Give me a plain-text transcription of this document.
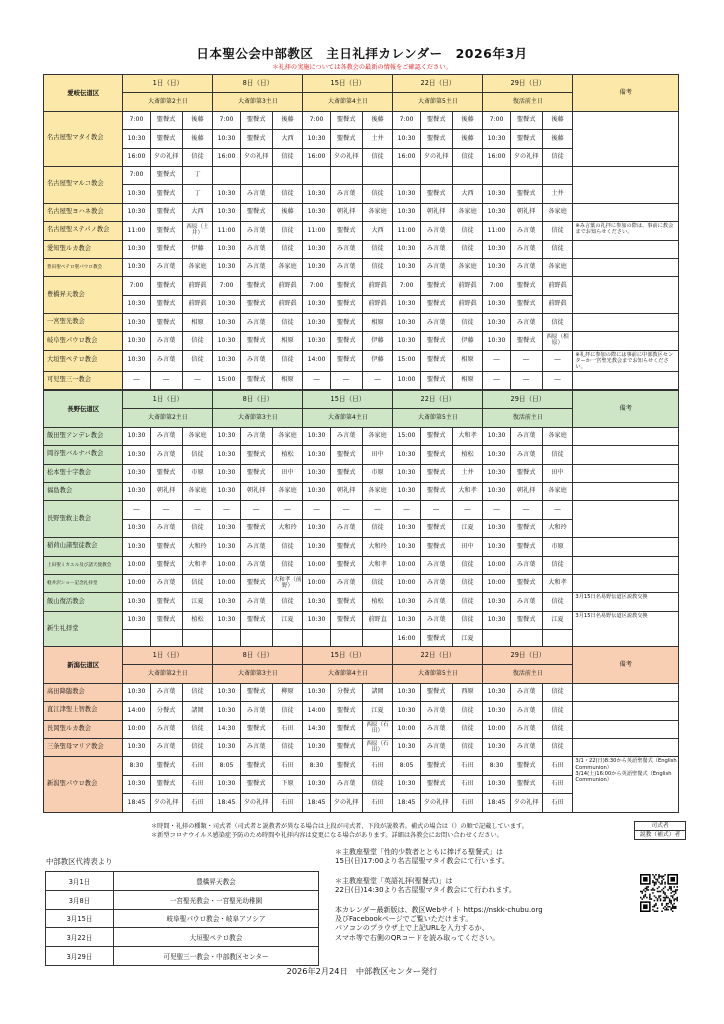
日本聖公会中部教区　主日礼拝カレンダー　2026年3月
＊礼拝の実施については各教会の最新の情報をご確認ください。
愛岐伝道区	1日（日）			8日（日）			15日（日）			22日（日）			29日（日）			備考
	大斎節第2主日			大斎節第3主日			大斎節第4主日			大斎節第5主日			復活前主日			
名古屋聖マタイ教会	7:00	聖餐式	後藤	7:00	聖餐式	後藤	7:00	聖餐式	後藤	7:00	聖餐式	後藤	7:00	聖餐式	後藤	
	10:30	聖餐式	後藤	10:30	聖餐式	大西	10:30	聖餐式	土井	10:30	聖餐式	後藤	10:30	聖餐式	後藤	
	16:00	夕の礼拝	信徒	16:00	夕の礼拝	信徒	16:00	夕の礼拝	信徒	16:00	夕の礼拝	信徒	16:00	夕の礼拝	信徒	
名古屋聖マルコ教会	7:00	聖餐式	丁													
	10:30	聖餐式	丁	10:30	み言葉	信徒	10:30	み言葉	信徒	10:30	聖餐式	大西	10:30	聖餐式	土井	
名古屋聖ヨハネ教会	10:30	聖餐式	大西	10:30	聖餐式	後藤	10:30	朝礼拝	各家庭	10:30	朝礼拝	各家庭	10:30	朝礼拝	各家庭	
名古屋聖ステパノ教会	11:00	聖餐式	西原（土井）	11:00	み言葉	信徒	11:00	聖餐式	大西	11:00	み言葉	信徒	11:00	み言葉	信徒	※み言葉の礼拝に参加の際は、事前に教会までお知らせください。
愛知聖ルカ教会	10:30	聖餐式	伊藤	10:30	み言葉	信徒	10:30	み言葉	信徒	10:30	み言葉	信徒	10:30	み言葉	信徒	
豊田聖ペテロ聖パウロ教会	10:30	み言葉	各家庭	10:30	み言葉	各家庭	10:30	み言葉	信徒	10:30	み言葉	各家庭	10:30	み言葉	各家庭	
豊橋昇天教会	7:00	聖餐式	前野眞	7:00	聖餐式	前野眞	7:00	聖餐式	前野眞	7:00	聖餐式	前野眞	7:00	聖餐式	前野眞	
	10:30	聖餐式	前野眞	10:30	聖餐式	前野眞	10:30	聖餐式	前野眞	10:30	聖餐式	前野眞	10:30	聖餐式	前野眞	
一宮聖光教会	10:30	聖餐式	相原	10:30	み言葉	信徒	10:30	聖餐式	相原	10:30	み言葉	信徒	10:30	み言葉	信徒	
岐阜聖パウロ教会	10:30	み言葉	信徒	10:30	聖餐式	相原	10:30	聖餐式	伊藤	10:30	聖餐式	伊藤	10:30	聖餐式	西原（相原）	
大垣聖ペテロ教会	10:30	み言葉	信徒	10:30	み言葉	信徒	14:00	聖餐式	伊藤	15:00	聖餐式	相原	―	―	―	※礼拝に参加の際には事前に中部教区センターか一宮聖光教会までお知らせください。
可児聖三一教会	―	―	―	15:00	聖餐式	相原	―	―	―	10:00	聖餐式	相原	―	―	―	
長野伝道区	1日（日）			8日（日）			15日（日）			22日（日）			29日（日）			備考
	大斎節第2主日			大斎節第3主日			大斎節第4主日			大斎節第5主日			復活前主日			
飯田聖アンデレ教会	10:30	み言葉	各家庭	10:30	み言葉	各家庭	10:30	み言葉	各家庭	15:00	聖餐式	大和孝	10:30	み言葉	各家庭	
岡谷聖バルナバ教会	10:30	み言葉	信徒	10:30	聖餐式	植松	10:30	聖餐式	田中	10:30	聖餐式	植松	10:30	み言葉	信徒	
松本聖十字教会	10:30	聖餐式	市原	10:30	聖餐式	田中	10:30	聖餐式	市原	10:30	聖餐式	土井	10:30	聖餐式	田中	
福島教会	10:30	朝礼拝	各家庭	10:30	朝礼拝	各家庭	10:30	朝礼拝	各家庭	10:30	聖餐式	大和孝	10:30	朝礼拝	各家庭	
長野聖救主教会	―	―	―	―	―	―	―	―	―	―	―	―	―	―	―	
	10:30	み言葉	信徒	10:30	聖餐式	大和玲	10:30	み言葉	信徒	10:30	聖餐式	江夏	10:30	聖餐式	大和玲	
稲荷山諸聖徒教会	10:30	聖餐式	大和玲	10:30	み言葉	信徒	10:30	聖餐式	大和玲	10:30	聖餐式	田中	10:30	聖餐式	市原	
上田聖ミカエル及び諸天使教会	10:00	聖餐式	大和孝	10:00	み言葉	信徒	10:00	聖餐式	大和孝	10:00	み言葉	信徒	10:00	み言葉	信徒	
軽井沢ショー記念礼拝堂	10:00	み言葉	信徒	10:00	聖餐式	大和孝（前野）	10:00	み言葉	信徒	10:00	み言葉	信徒	10:00	聖餐式	大和孝	
飯山復活教会	10:30	聖餐式	江夏	10:30	み言葉	信徒	10:30	聖餐式	植松	10:30	み言葉	信徒	10:30	み言葉	信徒	3月15日名易野伝道区説教交換
新生礼拝堂	10:30	聖餐式	植松	10:30	聖餐式	江夏	10:30	聖餐式	前野直	10:30	み言葉	信徒	10:30	聖餐式	江夏	3月15日名易野伝道区説教交換
										16:00	聖餐式	江夏				
新潟伝道区	1日（日）			8日（日）			15日（日）			22日（日）			29日（日）			備考
	大斎節第2主日			大斎節第3主日			大斎節第4主日			大斎節第5主日			復活前主日			
高田降臨教会	10:30	み言葉	信徒	10:30	聖餐式	柳原	10:30	分餐式	諸岡	10:30	聖餐式	西原	10:30	み言葉	信徒	
直江津聖上智教会	14:00	分餐式	諸岡	10:30	み言葉	信徒	14:00	聖餐式	江夏	10:30	み言葉	信徒	10:30	み言葉	信徒	
長岡聖ルカ教会	10:00	み言葉	信徒	14:30	聖餐式	石田	14:30	聖餐式	西原（石田）	10:00	み言葉	信徒	10:00	み言葉	信徒	
三条聖母マリア教会	10:30	み言葉	信徒	10:30	み言葉	信徒	10:30	聖餐式	西原（石田）	10:30	み言葉	信徒	10:30	み言葉	信徒	
新潟聖パウロ教会	8:30	聖餐式	石田	8:05	聖餐式	石田	8:30	聖餐式	石田	8:05	聖餐式	石田	8:30	聖餐式	石田	3/1・22(日)8:30から英語聖餐式（English Communion）
3/14(土)16:00から英語聖餐式（English Communion）
	10:30	聖餐式	石田	10:30	聖餐式	下原	10:30	み言葉	信徒	10:30	聖餐式	石田	10:30	聖餐式	石田	
	18:45	夕の礼拝	石田	18:45	夕の礼拝	石田	18:45	夕の礼拝	石田	18:45	夕の礼拝	石田	18:45	夕の礼拝	石田	
＊時間・礼拝の種類・司式者（司式者と説教者が異なる場合は上段が司式者、下段が説教者。補式の場合は（）の順で記載しています。
＊新型コロナウイルス感染症予防のため時間や礼拝内容は変更になる場合があります。詳細は各教会にお問い合わせください。
司式者
説教（補式）者
中部教区代祷表より
3月1日	豊橋昇天教会
3月8日	一宮聖光教会・一宮聖光幼稚園
3月15日	岐阜聖パウロ教会・岐阜アソシア
3月22日	大垣聖ペテロ教会
3月29日	可児聖三一教会・中部教区センター

＊主教座聖堂「性的少数者とともに捧げる聖餐式」は
15日(日)17:00より名古屋聖マタイ教会にて行います。

＊主教座聖堂「英語礼拝(聖餐式)」は
22日(日)14:30より名古屋聖マタイ教会にて行われます。

本カレンダー最新版は、教区Webサイト https://nskk-chubu.org
及びFacebookページでご覧いただけます。
パソコンのブラウザ上で上記URLを入力するか、
スマホ等で右側のQRコードを読み取ってください。

2026年2月24日　中部教区センター発行
